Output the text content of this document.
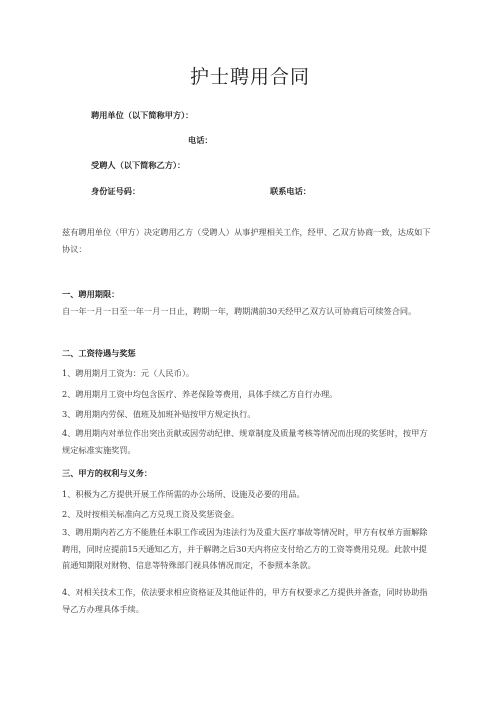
护士聘用合同
聘用单位（以下简称甲方）：
电话：
受聘人（以下简称乙方）：
身份证号码：	联系电话：
兹有聘用单位（甲方）决定聘用乙方（受聘人）从事护理相关工作，经甲、乙双方协商一致，达成如下协议：
一、聘用期限：
自一年一月一日至一年一月一日止，聘期一年，聘期满前30天经甲乙双方认可协商后可续签合同。
二、工资待遇与奖惩
1、聘用期月工资为：元（人民币）。
2、聘用期月工资中均包含医疗、养老保险等费用，具体手续乙方自行办理。
3、聘用期内劳保、值班及加班补贴按甲方规定执行。
4、聘用期内对单位作出突出贡献或因劳动纪律、规章制度及质量考核等情况而出现的奖惩时，按甲方规定标准实施奖罚。
三、甲方的权利与义务：
1、积极为乙方提供开展工作所需的办公场所、设施及必要的用品。
2、及时按相关标准向乙方兑现工资及奖惩资金。
3、聘用期内若乙方不能胜任本职工作或因为违法行为及重大医疗事故等情况时，甲方有权单方面解除聘用，同时应提前15天通知乙方，并于解聘之后30天内将应支付给乙方的工资等费用兑现。此款中提前通知期限对财物、信息等特殊部门视具体情况而定，不参照本条款。
4、对相关技术工作，依法要求相应资格证及其他证件的，甲方有权要求乙方提供并备查，同时协助指导乙方办理具体手续。
